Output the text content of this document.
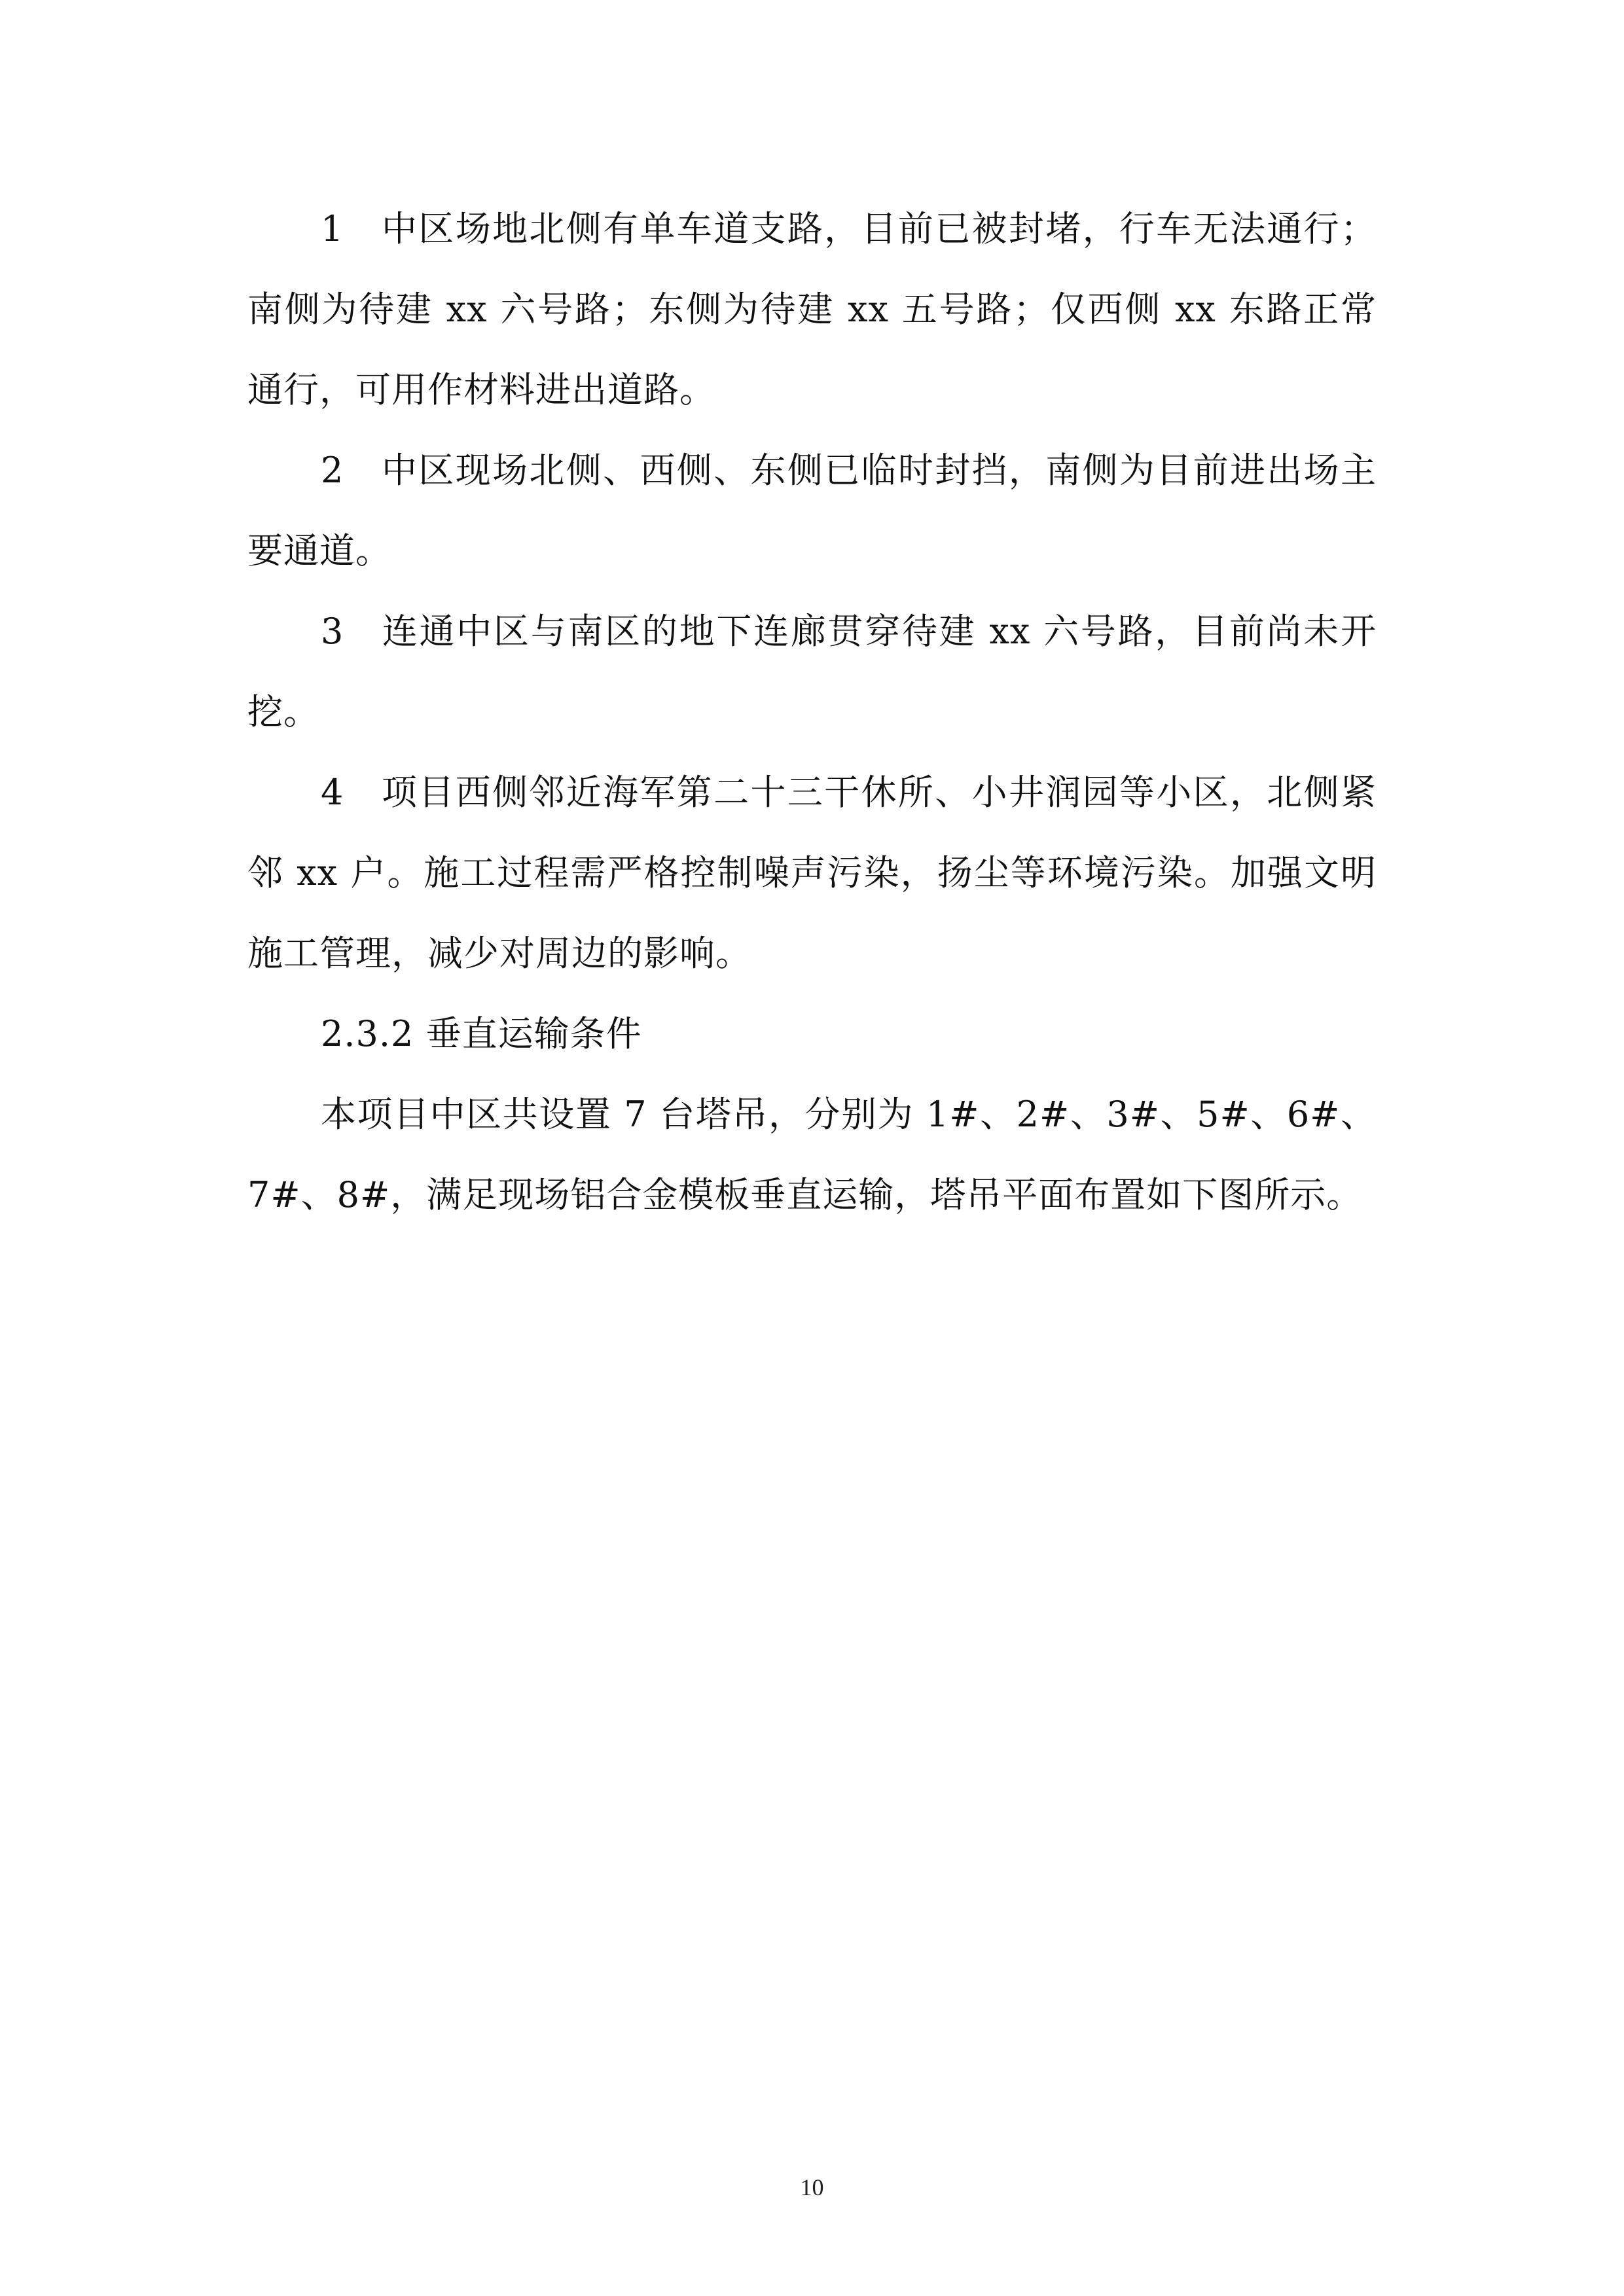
1　中区场地北侧有单车道支路，目前已被封堵，行车无法通行；南侧为待建 xx 六号路；东侧为待建 xx 五号路；仅西侧 xx 东路正常通行，可用作材料进出道路。

2　中区现场北侧、西侧、东侧已临时封挡，南侧为目前进出场主要通道。

3　连通中区与南区的地下连廊贯穿待建 xx 六号路，目前尚未开挖。

4　项目西侧邻近海军第二十三干休所、小井润园等小区，北侧紧邻 xx 户。施工过程需严格控制噪声污染，扬尘等环境污染。加强文明施工管理，减少对周边的影响。

2.3.2 垂直运输条件

本项目中区共设置 7 台塔吊，分别为 1#、2#、3#、5#、6#、7#、8#，满足现场铝合金模板垂直运输，塔吊平面布置如下图所示。

10
